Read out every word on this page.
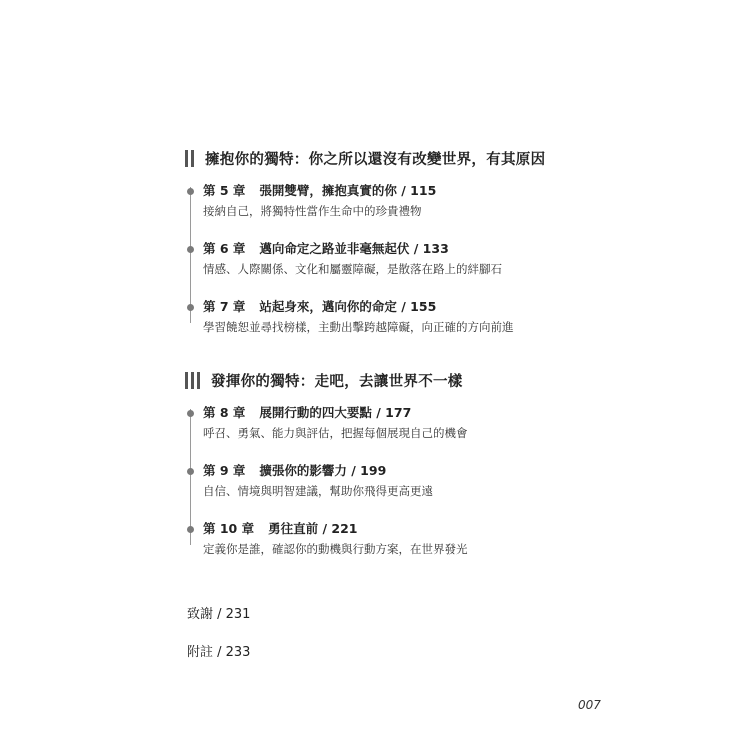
擁抱你的獨特：你之所以還沒有改變世界，有其原因
第 5 章 張開雙臂，擁抱真實的你 / 115
接納自己，將獨特性當作生命中的珍貴禮物
第 6 章 邁向命定之路並非毫無起伏 / 133
情感、人際關係、文化和屬靈障礙，是散落在路上的絆腳石
第 7 章 站起身來，邁向你的命定 / 155
學習饒恕並尋找榜樣，主動出擊跨越障礙，向正確的方向前進
發揮你的獨特：走吧，去讓世界不一樣
第 8 章 展開行動的四大要點 / 177
呼召、勇氣、能力與評估，把握每個展現自己的機會
第 9 章 擴張你的影響力 / 199
自信、情境與明智建議，幫助你飛得更高更遠
第 10 章 勇往直前 / 221
定義你是誰，確認你的動機與行動方案，在世界發光
致謝 / 231
附註 / 233
007
